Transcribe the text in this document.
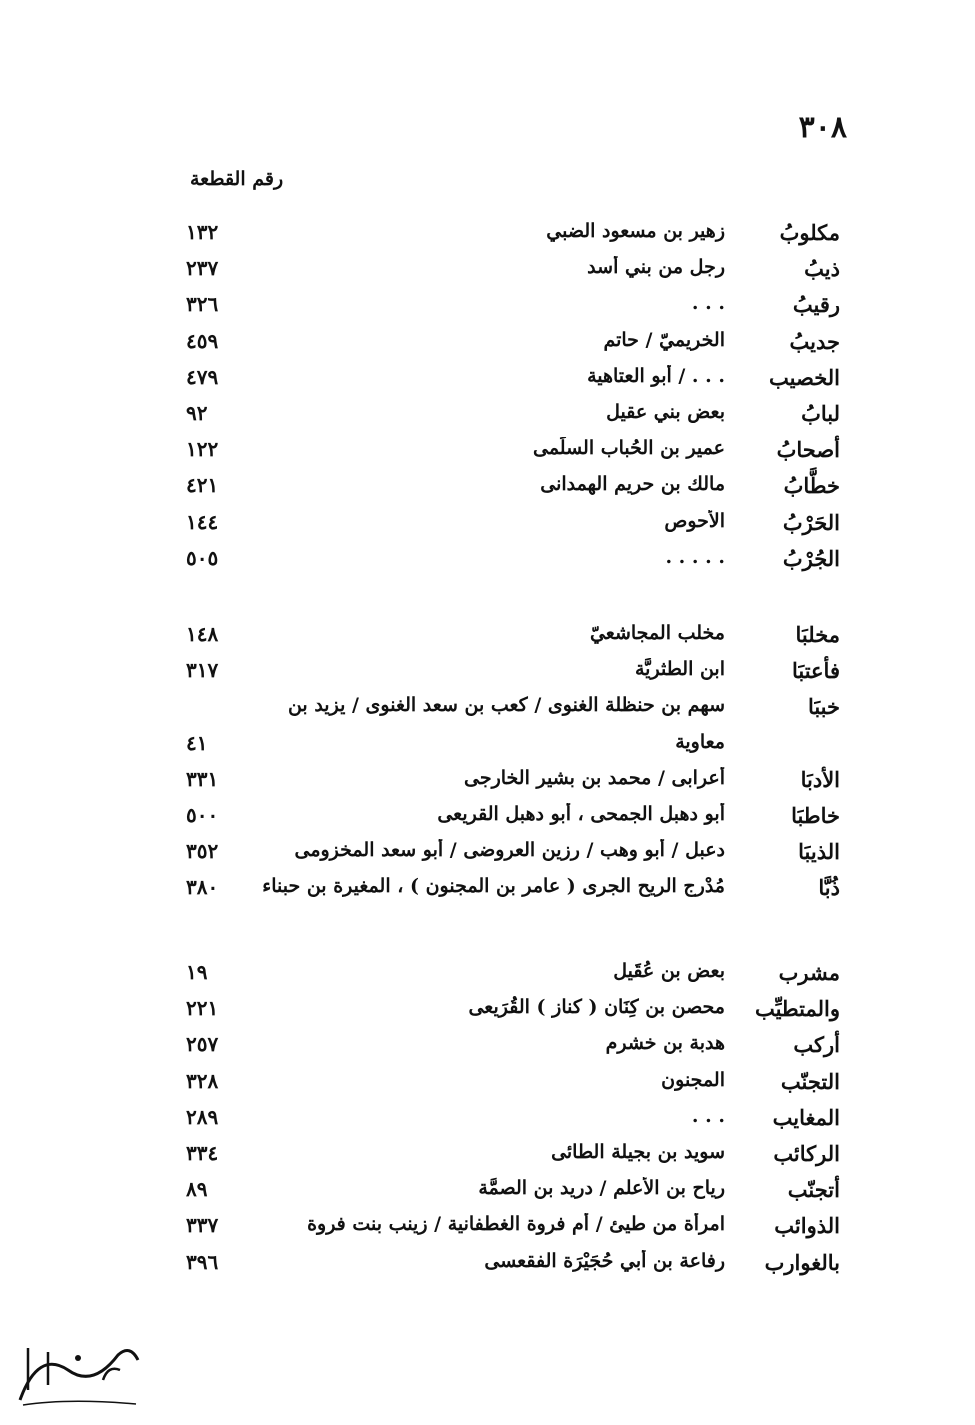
٣٠٨
رقم القطعة
مكلوبُ
زهير بن مسعود الضبي
١٣٢
ذيبُ
رجل من بني أسد
٢٣٧
رقيبُ
. . .
٣٢٦
جديبُ
الخريميّ / حاتم
٤٥٩
الخصيب
. . . / أبو العتاهية
٤٧٩
لبابُ
بعض بني عقيل
٩٢
أصحابُ
عمير بن الحُباب السلَمى
١٢٢
خطَّابُ
مالك بن حريم الهمدانى
٤٢١
الحَرْبُ
الأحوص
١٤٤
الجُرْبُ
. . . . .
٥٠٥
مخلبَا
مخلب المجاشعيّ
١٤٨
فأعتبَا
ابن الطثريَّة
٣١٧
خببَا
سهم بن حنظلة الغنوى / كعب بن سعد الغنوى / يزيد بن
معاوية
٤١
الأدبَا
أعرابى / محمد بن بشير الخارجى
٣٣١
خاطبَا
أبو دهبل الجمحى ، أبو دهبل القريعى
٥٠٠
الذيبَا
دعبل / أبو وهب / رزين العروضى / أبو سعد المخزومى
٣٥٢
ذُبَّا
مُدْرج الريح الجرى ( عامر بن المجنون ) ، المغيرة بن حبناء
٣٨٠
مشرب
بعض بن عُقَيل
١٩
والمتطيِّب
محصن بن كِنَان ( كناز ) القُرَيعى
٢٢١
أركب
هدبة بن خشرم
٢٥٧
التجنّب
المجنون
٣٢٨
المغايب
. . .
٢٨٩
الركائب
سويد بن بجيلة الطائى
٣٣٤
أتجنّب
رياح بن الأعلم / دريد بن الصمَّة
٨٩
الذوائب
امرأة من طيئ / أم فروة الغطفانية / زينب بنت فروة
٣٣٧
بالغوارب
رفاعة بن أبي حُجَيْرَة الفقعسى
٣٩٦
